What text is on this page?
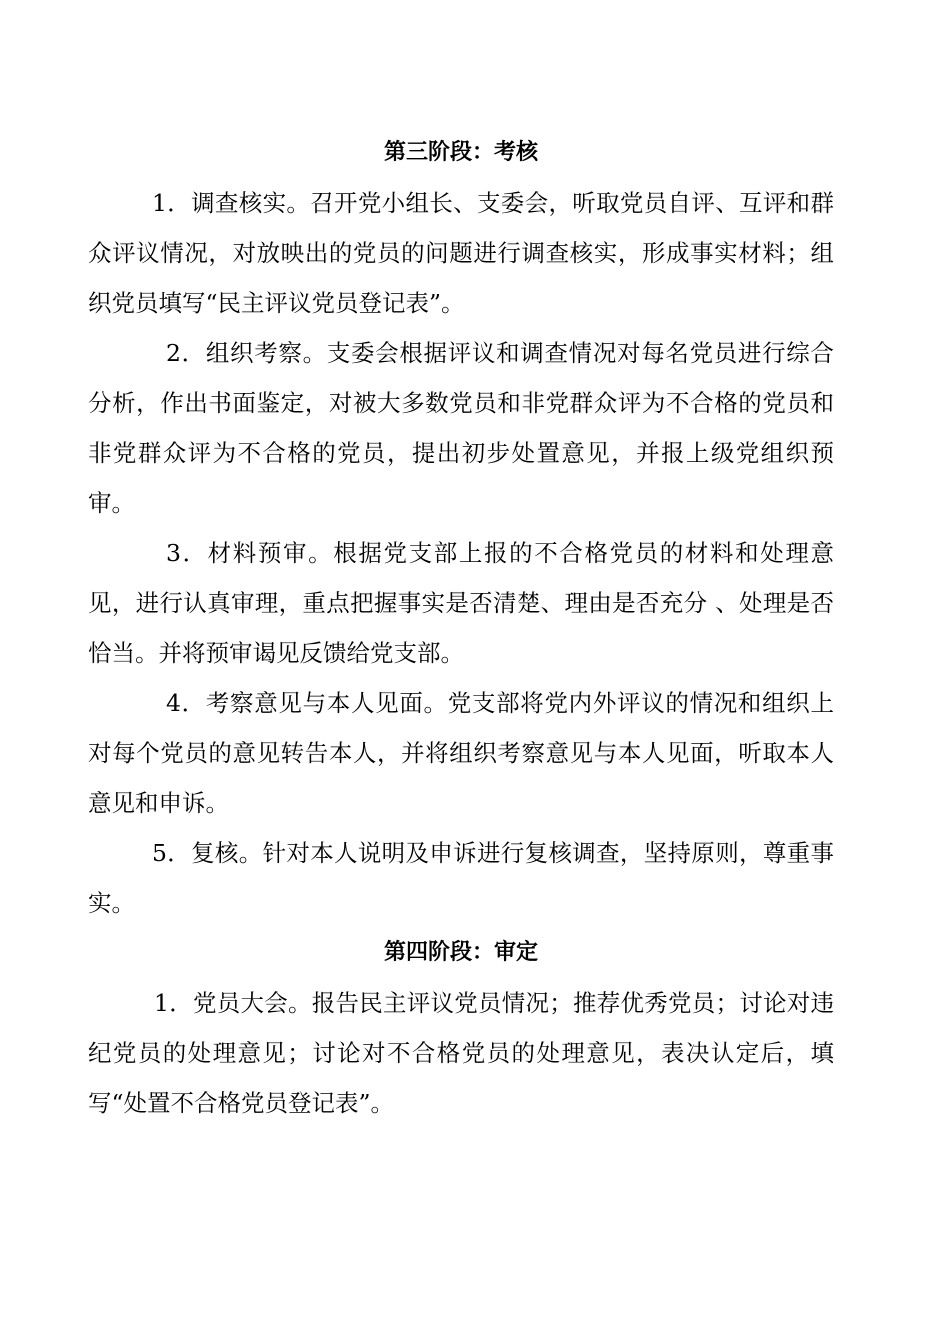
第三阶段：考核

1．调查核实。召开党小组长、支委会，听取党员自评、互评和群众评议情况，对放映出的党员的问题进行调查核实，形成事实材料；组织党员填写“民主评议党员登记表”。

2．组织考察。支委会根据评议和调查情况对每名党员进行综合分析，作出书面鉴定，对被大多数党员和非党群众评为不合格的党员和非党群众评为不合格的党员，提出初步处置意见，并报上级党组织预审。

3．材料预审。根据党支部上报的不合格党员的材料和处理意见，进行认真审理，重点把握事实是否清楚、理由是否充分 、处理是否恰当。并将预审谒见反馈给党支部。

4．考察意见与本人见面。党支部将党内外评议的情况和组织上对每个党员的意见转告本人，并将组织考察意见与本人见面，听取本人意见和申诉。

5．复核。针对本人说明及申诉进行复核调查，坚持原则，尊重事实。

第四阶段：审定

1．党员大会。报告民主评议党员情况；推荐优秀党员；讨论对违纪党员的处理意见；讨论对不合格党员的处理意见，表决认定后，填写“处置不合格党员登记表”。
